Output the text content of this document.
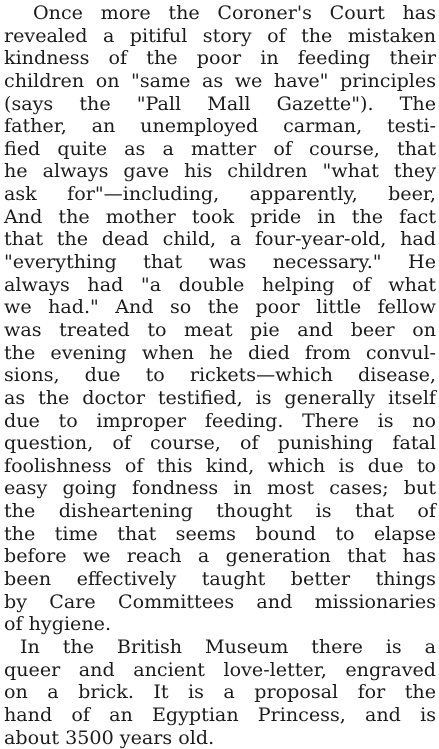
Once more the Coroner's Court has
revealed a pitiful story of the mistaken
kindness of the poor in feeding their
children on "same as we have" principles
(says the "Pall Mall Gazette"). The
father, an unemployed carman, testi-
fied quite as a matter of course, that
he always gave his children "what they
ask for"—including, apparently, beer,
And the mother took pride in the fact
that the dead child, a four-year-old, had
"everything that was necessary." He
always had "a double helping of what
we had." And so the poor little fellow
was treated to meat pie and beer on
the evening when he died from convul-
sions, due to rickets—which disease,
as the doctor testified, is generally itself
due to improper feeding. There is no
question, of course, of punishing fatal
foolishness of this kind, which is due to
easy going fondness in most cases; but
the disheartening thought is that of
the time that seems bound to elapse
before we reach a generation that has
been effectively taught better things
by Care Committees and missionaries
of hygiene.
In the British Museum there is a
queer and ancient love-letter, engraved
on a brick. It is a proposal for the
hand of an Egyptian Princess, and is
about 3500 years old.
